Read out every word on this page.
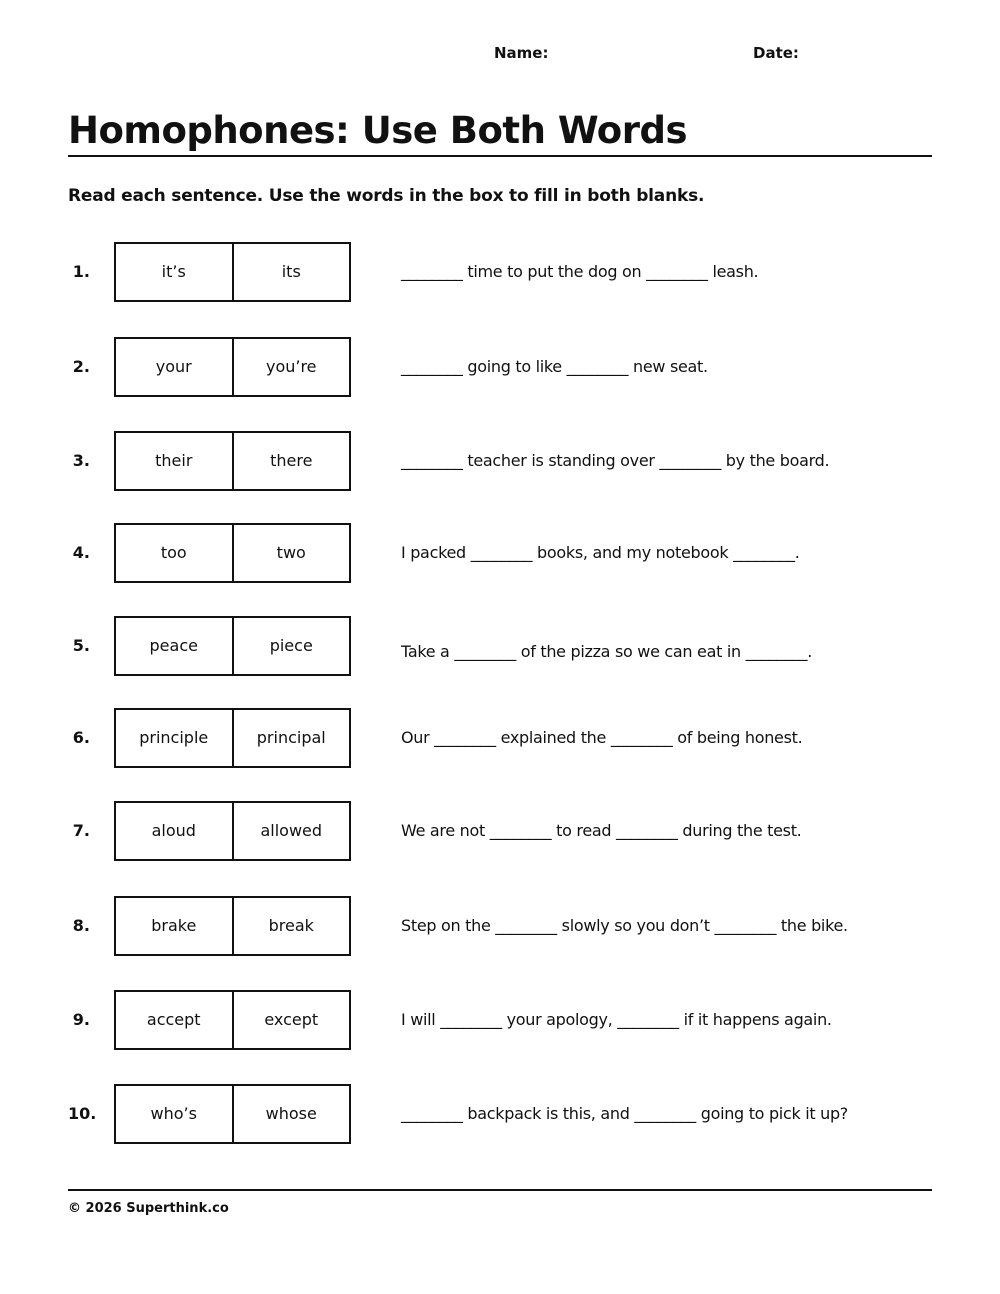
Name:	Date:
Homophones: Use Both Words
Read each sentence. Use the words in the box to fill in both blanks.
1.	it’s	its	________ time to put the dog on ________ leash.
2.	your	you’re	________ going to like ________ new seat.
3.	their	there	________ teacher is standing over ________ by the board.
4.	too	two	I packed ________ books, and my notebook ________.
5.	peace	piece	Take a ________ of the pizza so we can eat in ________.
6.	principle	principal	Our ________ explained the ________ of being honest.
7.	aloud	allowed	We are not ________ to read ________ during the test.
8.	brake	break	Step on the ________ slowly so you don’t ________ the bike.
9.	accept	except	I will ________ your apology, ________ if it happens again.
10.	who’s	whose	________ backpack is this, and ________ going to pick it up?
© 2026 Superthink.co
